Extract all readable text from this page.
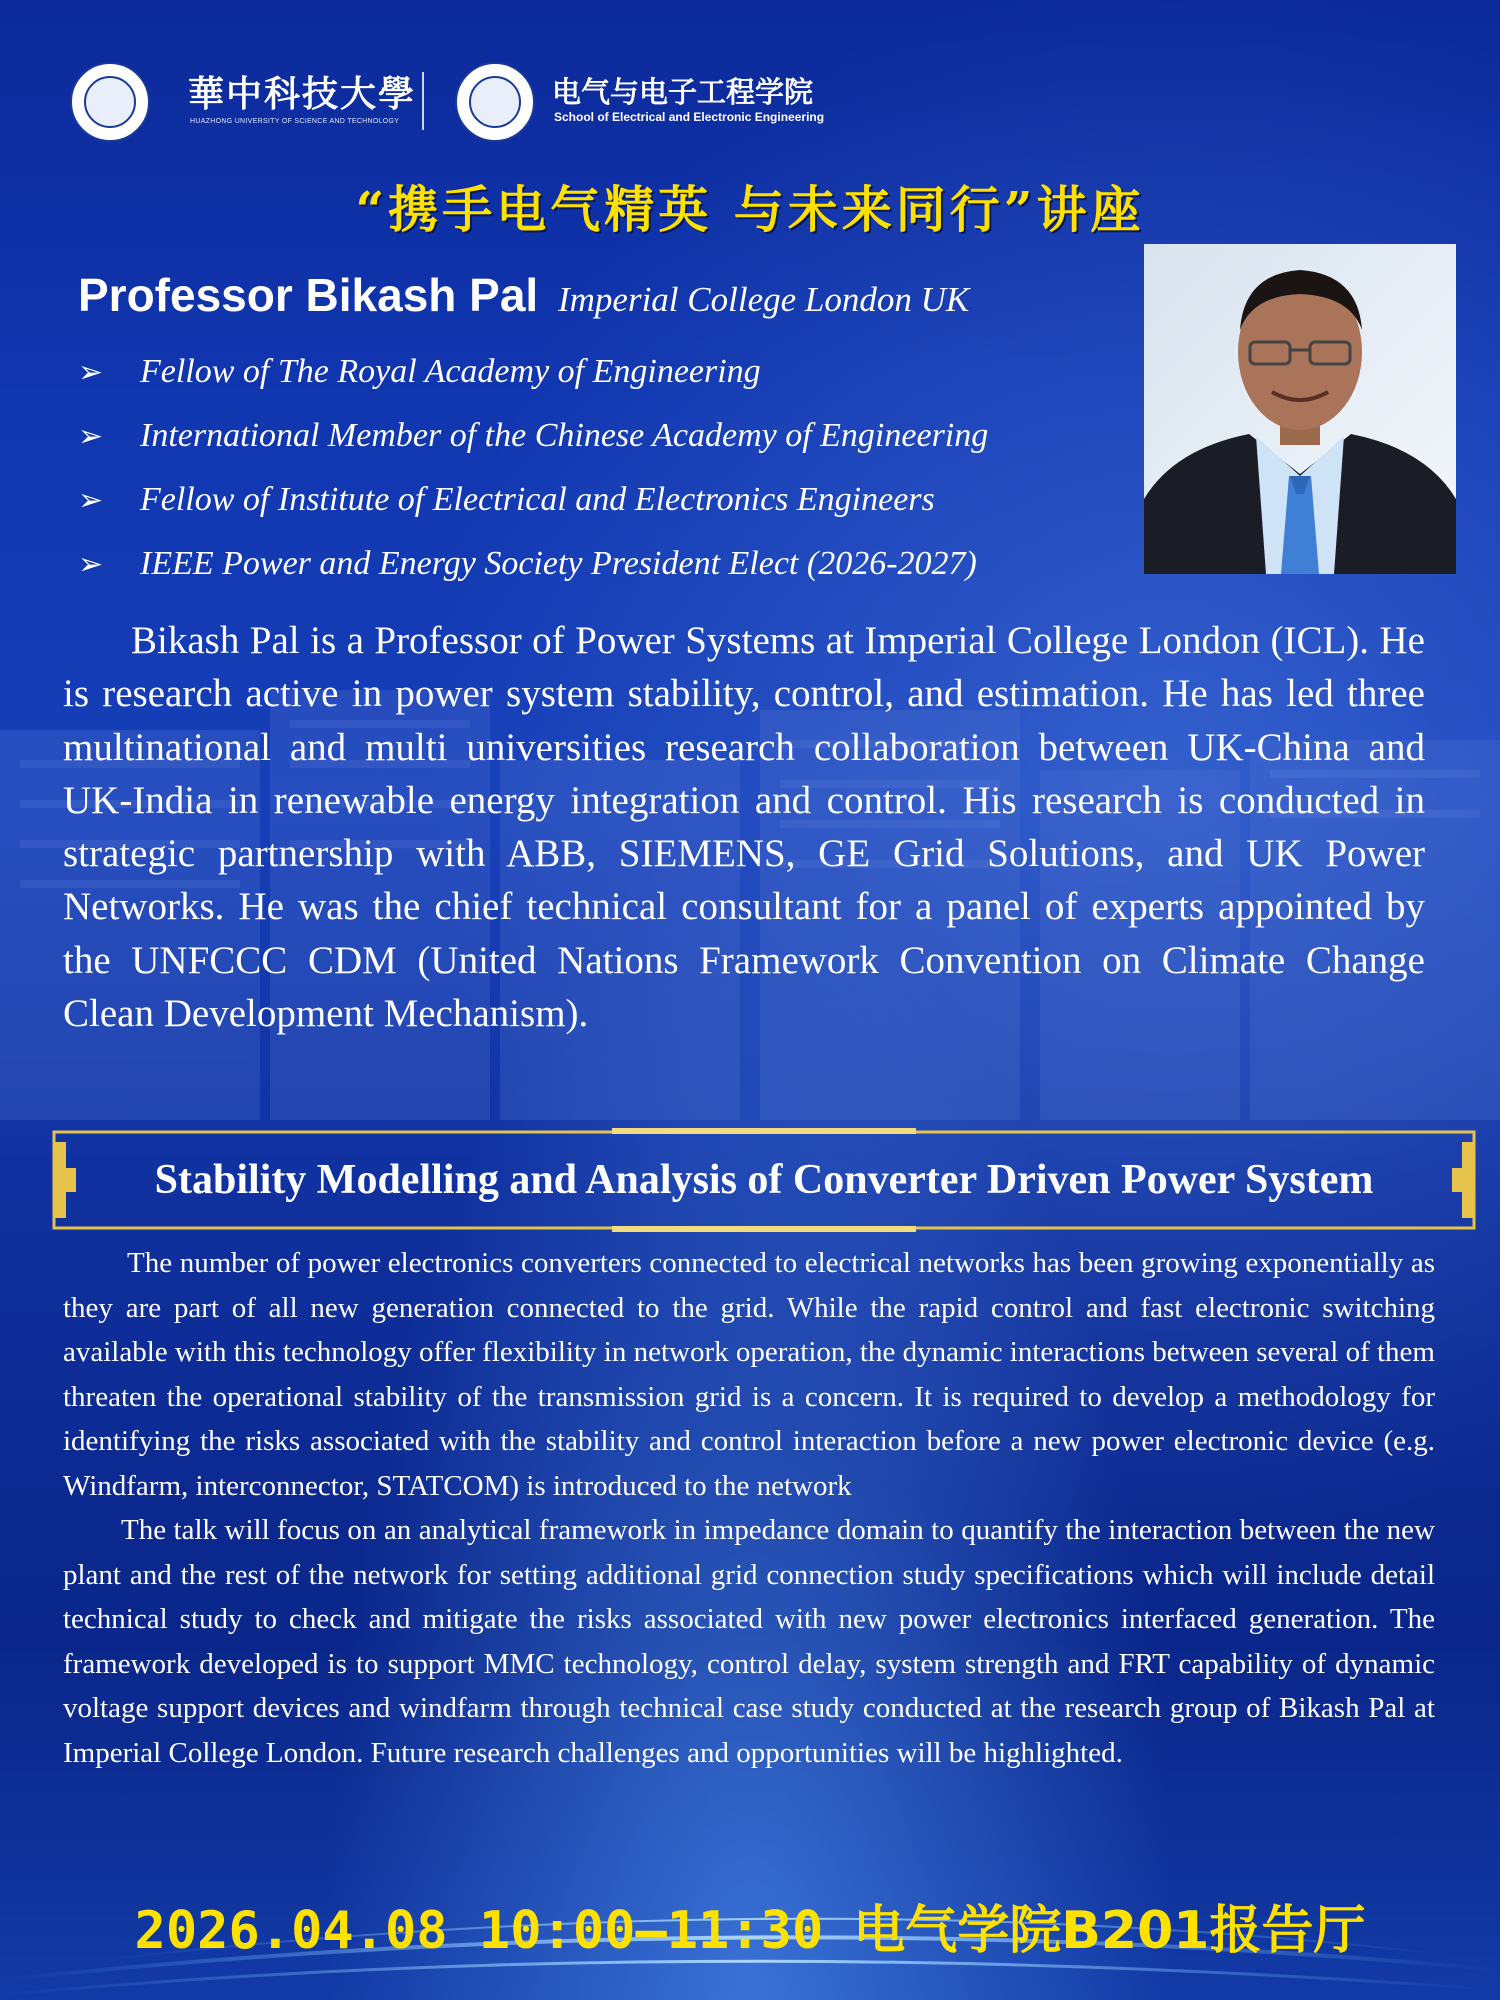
華中科技大學
HUAZHONG UNIVERSITY OF SCIENCE AND TECHNOLOGY
电气与电子工程学院
School of Electrical and Electronic Engineering
“携手电气精英 与未来同行”讲座
Professor Bikash Pal Imperial College London UK
➢	Fellow of The Royal Academy of Engineering
➢	International Member of the Chinese Academy of Engineering
➢	Fellow of Institute of Electrical and Electronics Engineers
➢	IEEE Power and Energy Society President Elect (2026-2027)

Bikash Pal is a Professor of Power Systems at Imperial College London (ICL). He is research active in power system stability, control, and estimation. He has led three multinational and multi universities research collaboration between UK-China and UK-India in renewable energy integration and control. His research is conducted in strategic partnership with ABB, SIEMENS, GE Grid Solutions, and UK Power Networks. He was the chief technical consultant for a panel of experts appointed by the UNFCCC CDM (United Nations Framework Convention on Climate Change Clean Development Mechanism).

Stability Modelling and Analysis of Converter Driven Power System

The number of power electronics converters connected to electrical networks has been growing exponentially as they are part of all new generation connected to the grid. While the rapid control and fast electronic switching available with this technology offer flexibility in network operation, the dynamic interactions between several of them threaten the operational stability of the transmission grid is a concern. It is required to develop a methodology for identifying the risks associated with the stability and control interaction before a new power electronic device (e.g. Windfarm, interconnector, STATCOM) is introduced to the network

The talk will focus on an analytical framework in impedance domain to quantify the interaction between the new plant and the rest of the network for setting additional grid connection study specifications which will include detail technical study to check and mitigate the risks associated with new power electronics interfaced generation. The framework developed is to support MMC technology, control delay, system strength and FRT capability of dynamic voltage support devices and windfarm through technical case study conducted at the research group of Bikash Pal at Imperial College London. Future research challenges and opportunities will be highlighted.

2026.04.08 10:00—11:30 电气学院B201报告厅
